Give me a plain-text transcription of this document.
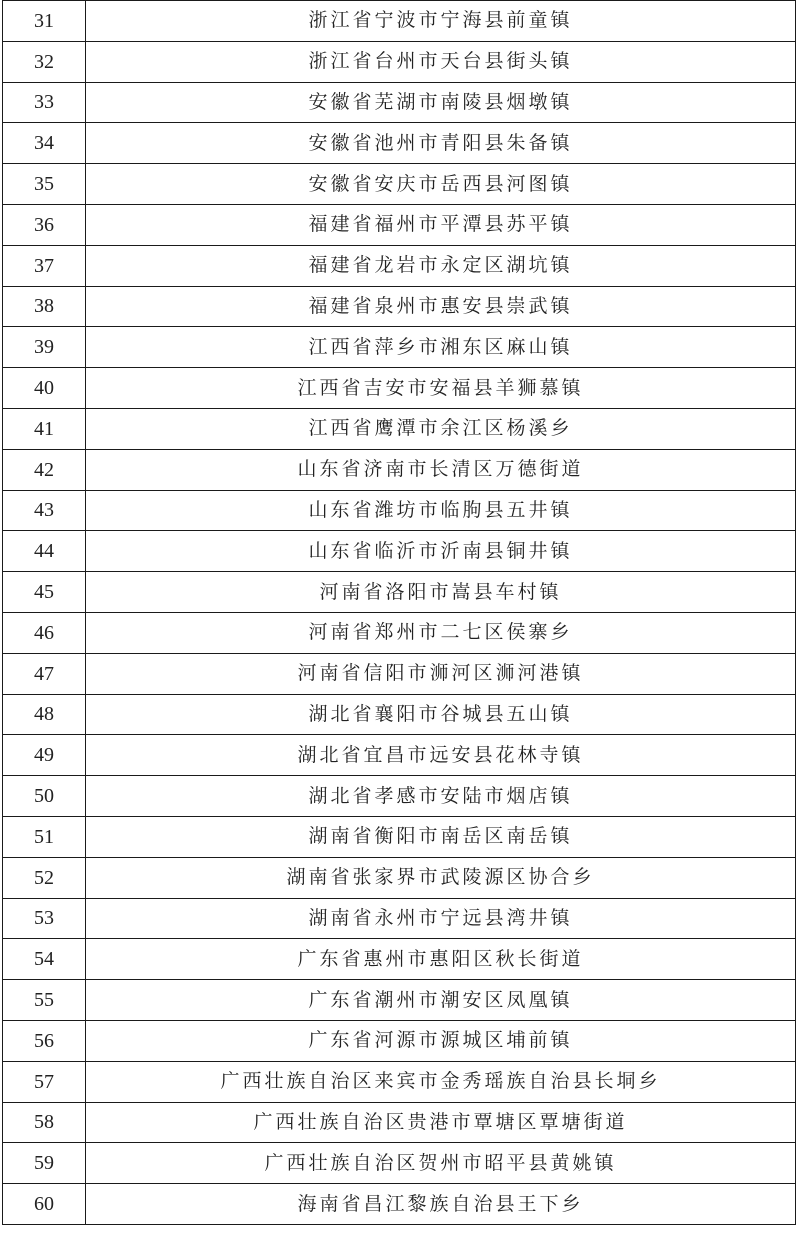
31	浙江省宁波市宁海县前童镇
32	浙江省台州市天台县街头镇
33	安徽省芜湖市南陵县烟墩镇
34	安徽省池州市青阳县朱备镇
35	安徽省安庆市岳西县河图镇
36	福建省福州市平潭县苏平镇
37	福建省龙岩市永定区湖坑镇
38	福建省泉州市惠安县崇武镇
39	江西省萍乡市湘东区麻山镇
40	江西省吉安市安福县羊狮慕镇
41	江西省鹰潭市余江区杨溪乡
42	山东省济南市长清区万德街道
43	山东省潍坊市临朐县五井镇
44	山东省临沂市沂南县铜井镇
45	河南省洛阳市嵩县车村镇
46	河南省郑州市二七区侯寨乡
47	河南省信阳市浉河区浉河港镇
48	湖北省襄阳市谷城县五山镇
49	湖北省宜昌市远安县花林寺镇
50	湖北省孝感市安陆市烟店镇
51	湖南省衡阳市南岳区南岳镇
52	湖南省张家界市武陵源区协合乡
53	湖南省永州市宁远县湾井镇
54	广东省惠州市惠阳区秋长街道
55	广东省潮州市潮安区凤凰镇
56	广东省河源市源城区埔前镇
57	广西壮族自治区来宾市金秀瑶族自治县长垌乡
58	广西壮族自治区贵港市覃塘区覃塘街道
59	广西壮族自治区贺州市昭平县黄姚镇
60	海南省昌江黎族自治县王下乡
